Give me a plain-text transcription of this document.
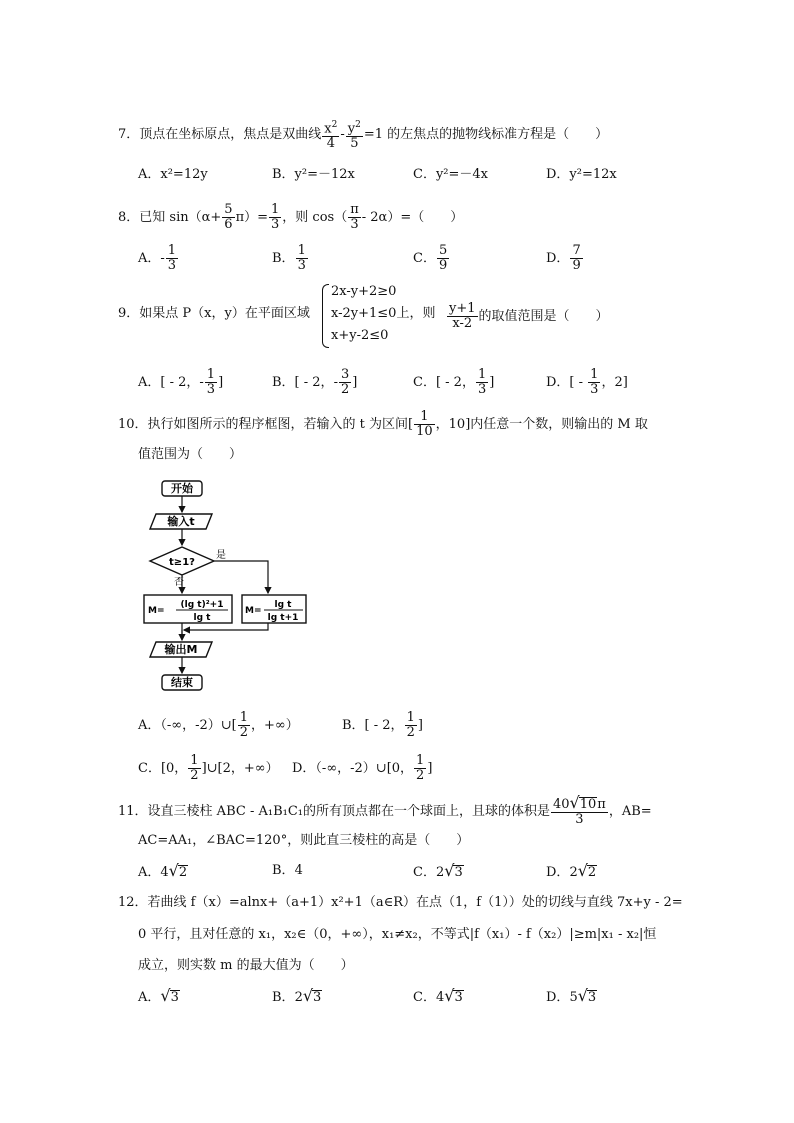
7．顶点在坐标原点，焦点是双曲线 $\frac{x^2}{4} - \frac{y^2}{5} =1$ 的左焦点的抛物线标准方程是（　　）
A．x²=12y	B．y²=－12x	C．y²=－4x	D．y²=12x
8．已知 $\sin(\alpha+ \frac{5}{6} \pi)= \frac{1}{3}$ ，则 $\cos( \frac{\pi}{3} - 2\alpha)=$（　　）
A．- $\frac{1}{3}$	B． $\frac{1}{3}$	C． $\frac{5}{9}$	D． $\frac{7}{9}$
9．如果点 P（x，y）在平面区域
2x-y+2≥0
x-2y+1≤0上，则
x+y-2≤0
$\frac{y+1}{x-2}$ 的取值范围是（　　）
A．[ - 2，- $\frac{1}{3}$ ]	B．[ - 2，- $\frac{3}{2}$ ]	C．[ - 2， $\frac{1}{3}$ ]	D．[ - $\frac{1}{3}$ ，2]
10．执行如图所示的程序框图，若输入的 t 为区间[ $\frac{1}{10}$ ，10]内任意一个数，则输出的 M 取
值范围为（　　）
开始
输入t
t≥1?
是
否
M=
(lg t)²+1
lg t
M=
lg t
lg t+1
输出M
结束
A．（-∞，-2）∪[ $\frac{1}{2}$ ，+∞）	B．[ - 2， $\frac{1}{2}$ ]
C．[0， $\frac{1}{2}$ ]∪[2，+∞） D．（-∞，-2）∪[0， $\frac{1}{2}$ ]
11．设直三棱柱 ABC - A₁B₁C₁的所有顶点都在一个球面上，且球的体积是 $\frac{40√10\pi}{3}$ ，AB=
AC=AA₁，∠BAC=120°，则此直三棱柱的高是（　　）
A．4√2	B．4	C．2√3	D．2√2
12．若曲线 f（x）=alnx+（a+1）x²+1（a∈R）在点（1，f（1））处的切线与直线 7x+y - 2=
0 平行，且对任意的 x₁，x₂∈（0，+∞），x₁≠x₂，不等式|f（x₁）- f（x₂）|≥m|x₁ - x₂|恒
成立，则实数 m 的最大值为（　　）
A．√3	B．2√3	C．4√3	D．5√3
